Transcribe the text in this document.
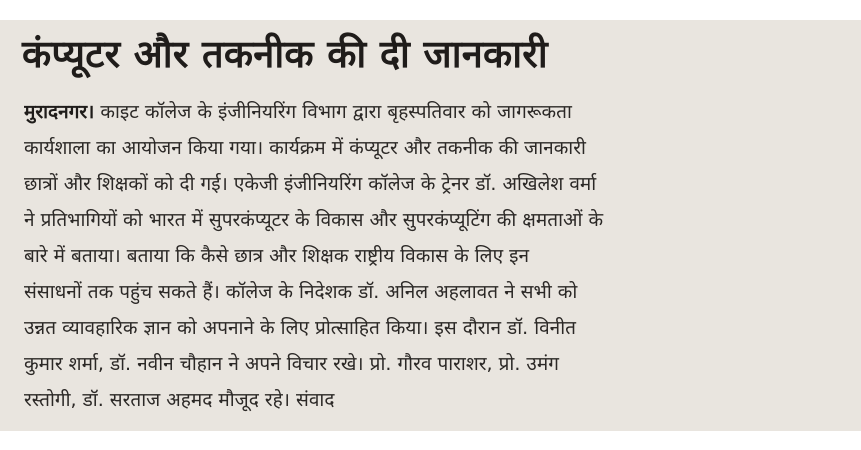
कंप्यूटर और तकनीक की दी जानकारी
मुरादनगर। काइट कॉलेज के इंजीनियरिंग विभाग द्वारा बृहस्पतिवार को जागरूकता
कार्यशाला का आयोजन किया गया। कार्यक्रम में कंप्यूटर और तकनीक की जानकारी
छात्रों और शिक्षकों को दी गई। एकेजी इंजीनियरिंग कॉलेज के ट्रेनर डॉ. अखिलेश वर्मा
ने प्रतिभागियों को भारत में सुपरकंप्यूटर के विकास और सुपरकंप्यूटिंग की क्षमताओं के
बारे में बताया। बताया कि कैसे छात्र और शिक्षक राष्ट्रीय विकास के लिए इन
संसाधनों तक पहुंच सकते हैं। कॉलेज के निदेशक डॉ. अनिल अहलावत ने सभी को
उन्नत व्यावहारिक ज्ञान को अपनाने के लिए प्रोत्साहित किया। इस दौरान डॉ. विनीत
कुमार शर्मा, डॉ. नवीन चौहान ने अपने विचार रखे। प्रो. गौरव पाराशर, प्रो. उमंग
रस्तोगी, डॉ. सरताज अहमद मौजूद रहे। संवाद
